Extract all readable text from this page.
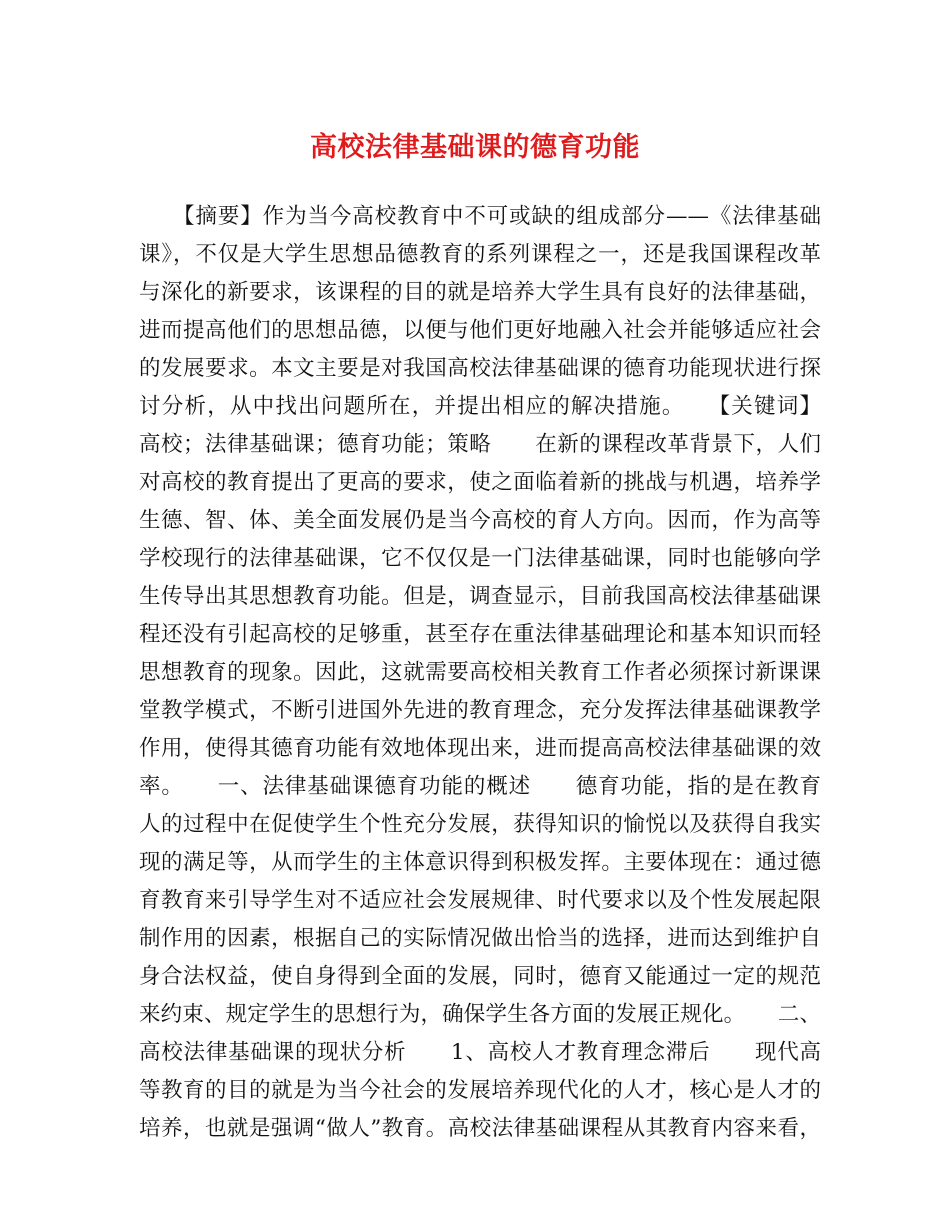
高校法律基础课的德育功能
　　【摘要】作为当今高校教育中不可或缺的组成部分——《法律基础
课》，不仅是大学生思想品德教育的系列课程之一，还是我国课程改革
与深化的新要求，该课程的目的就是培养大学生具有良好的法律基础，
进而提高他们的思想品德，以便与他们更好地融入社会并能够适应社会
的发展要求。本文主要是对我国高校法律基础课的德育功能现状进行探
讨分析，从中找出问题所在，并提出相应的解决措施。　　【关键词】
高校；法律基础课；德育功能；策略　　在新的课程改革背景下，人们
对高校的教育提出了更高的要求，使之面临着新的挑战与机遇，培养学
生德、智、体、美全面发展仍是当今高校的育人方向。因而，作为高等
学校现行的法律基础课，它不仅仅是一门法律基础课，同时也能够向学
生传导出其思想教育功能。但是，调查显示，目前我国高校法律基础课
程还没有引起高校的足够重，甚至存在重法律基础理论和基本知识而轻
思想教育的现象。因此，这就需要高校相关教育工作者必须探讨新课课
堂教学模式，不断引进国外先进的教育理念，充分发挥法律基础课教学
作用，使得其德育功能有效地体现出来，进而提高高校法律基础课的效
率。　　一、法律基础课德育功能的概述　　德育功能，指的是在教育
人的过程中在促使学生个性充分发展，获得知识的愉悦以及获得自我实
现的满足等，从而学生的主体意识得到积极发挥。主要体现在：通过德
育教育来引导学生对不适应社会发展规律、时代要求以及个性发展起限
制作用的因素，根据自己的实际情况做出恰当的选择，进而达到维护自
身合法权益，使自身得到全面的发展，同时，德育又能通过一定的规范
来约束、规定学生的思想行为，确保学生各方面的发展正规化。　　二、
高校法律基础课的现状分析　　1、高校人才教育理念滞后　　现代高
等教育的目的就是为当今社会的发展培养现代化的人才，核心是人才的
培养，也就是强调“做人”教育。高校法律基础课程从其教育内容来看，
